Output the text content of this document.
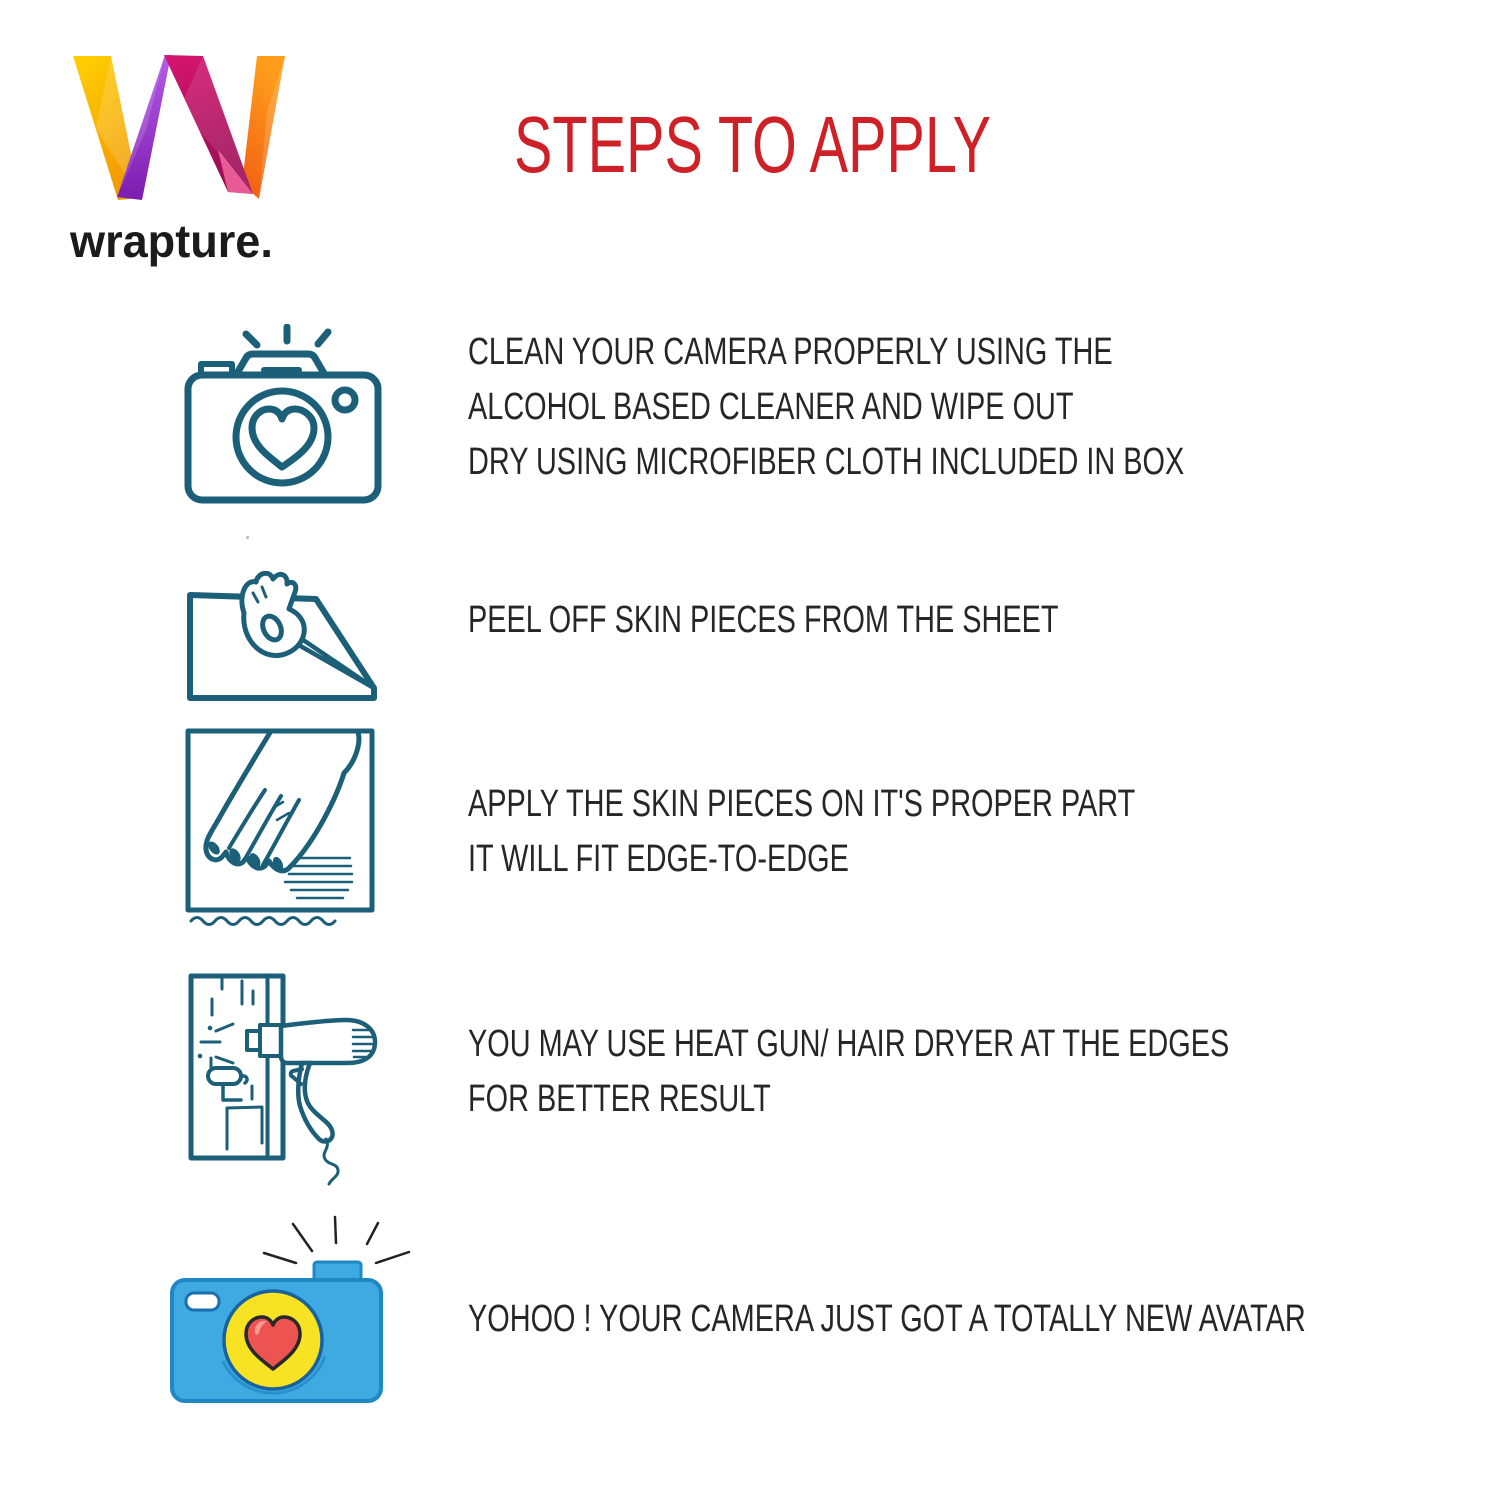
wrapture.
STEPS TO APPLY
CLEAN YOUR CAMERA PROPERLY USING THE
ALCOHOL BASED CLEANER AND WIPE OUT
DRY USING MICROFIBER CLOTH INCLUDED IN BOX
PEEL OFF SKIN PIECES FROM THE SHEET
APPLY THE SKIN PIECES ON IT'S PROPER PART
IT WILL FIT EDGE-TO-EDGE
YOU MAY USE HEAT GUN/ HAIR DRYER AT THE EDGES
FOR BETTER RESULT
YOHOO ! YOUR CAMERA JUST GOT A TOTALLY NEW AVATAR
